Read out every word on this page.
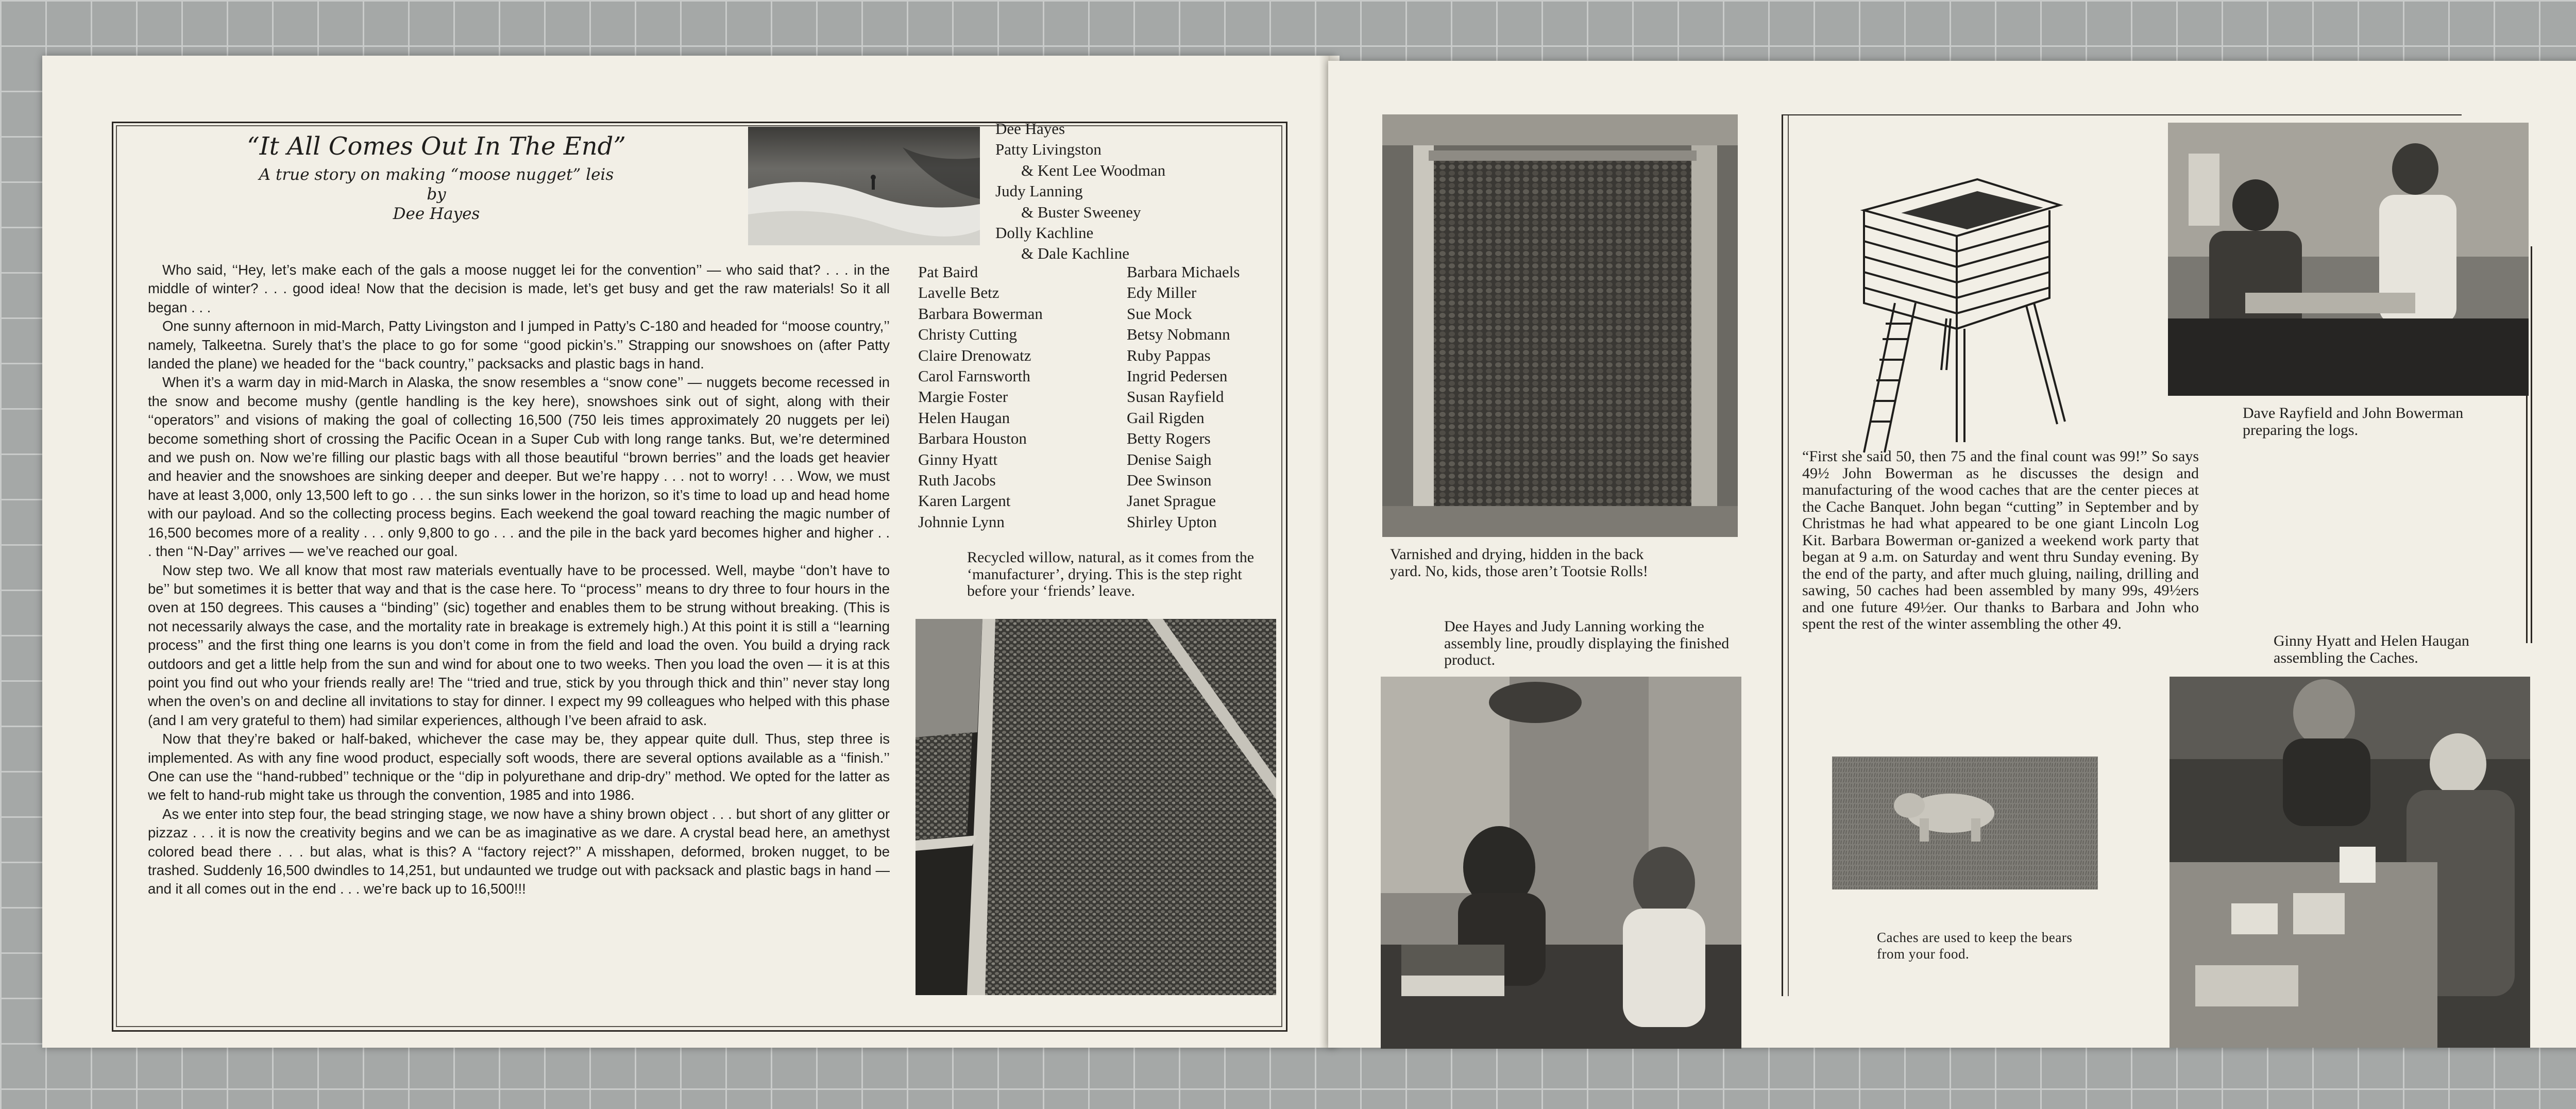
“It All Comes Out In The End”
A true story on making “moose nugget” leis
by
Dee Hayes
Dee Hayes
Patty Livingston
& Kent Lee Woodman
Judy Lanning
& Buster Sweeney
Dolly Kachline
& Dale Kachline
Pat Baird
Lavelle Betz
Barbara Bowerman
Christy Cutting
Claire Drenowatz
Carol Farnsworth
Margie Foster
Helen Haugan
Barbara Houston
Ginny Hyatt
Ruth Jacobs
Karen Largent
Johnnie Lynn
Barbara Michaels
Edy Miller
Sue Mock
Betsy Nobmann
Ruby Pappas
Ingrid Pedersen
Susan Rayfield
Gail Rigden
Betty Rogers
Denise Saigh
Dee Swinson
Janet Sprague
Shirley Upton
Recycled willow, natural, as it comes from the ‘manufacturer’, drying. This is the step right before your ‘friends’ leave.

Who said, ‘‘Hey, let’s make each of the gals a moose nugget lei for the convention’’ — who said that? . . . in the middle of winter? . . . good idea! Now that the decision is made, let’s get busy and get the raw materials! So it all began . . .

One sunny afternoon in mid-March, Patty Livingston and I jumped in Patty’s C-180 and headed for ‘‘moose country,’’ namely, Talkeetna. Surely that’s the place to go for some ‘‘good pickin’s.’’ Strapping our snowshoes on (after Patty landed the plane) we headed for the ‘‘back country,’’ packsacks and plastic bags in hand.

When it’s a warm day in mid-March in Alaska, the snow resembles a ‘‘snow cone’’ — nuggets become recessed in the snow and become mushy (gentle handling is the key here), snowshoes sink out of sight, along with their ‘‘operators’’ and visions of making the goal of collecting 16,500 (750 leis times approximately 20 nuggets per lei) become something short of crossing the Pacific Ocean in a Super Cub with long range tanks. But, we’re determined and we push on. Now we’re filling our plastic bags with all those beautiful ‘‘brown berries’’ and the loads get heavier and heavier and the snowshoes are sinking deeper and deeper. But we’re happy . . . not to worry! . . . Wow, we must have at least 3,000, only 13,500 left to go . . . the sun sinks lower in the horizon, so it’s time to load up and head home with our payload. And so the collecting process begins. Each weekend the goal toward reaching the magic number of 16,500 becomes more of a reality . . . only 9,800 to go . . . and the pile in the back yard becomes higher and higher . . . then ‘‘N-Day’’ arrives — we’ve reached our goal.

Now step two. We all know that most raw materials eventually have to be processed. Well, maybe ‘‘don’t have to be’’ but sometimes it is better that way and that is the case here. To ‘‘process’’ means to dry three to four hours in the oven at 150 degrees. This causes a ‘‘binding’’ (sic) together and enables them to be strung without breaking. (This is not necessarily always the case, and the mortality rate in breakage is extremely high.) At this point it is still a ‘‘learning process’’ and the first thing one learns is you don’t come in from the field and load the oven. You build a drying rack outdoors and get a little help from the sun and wind for about one to two weeks. Then you load the oven — it is at this point you find out who your friends really are! The ‘‘tried and true, stick by you through thick and thin’’ never stay long when the oven’s on and decline all invitations to stay for dinner. I expect my 99 colleagues who helped with this phase (and I am very grateful to them) had similar experiences, although I’ve been afraid to ask.

Now that they’re baked or half-baked, whichever the case may be, they appear quite dull. Thus, step three is implemented. As with any fine wood product, especially soft woods, there are several options available as a ‘‘finish.’’ One can use the ‘‘hand-rubbed’’ technique or the ‘‘dip in polyurethane and drip-dry’’ method. We opted for the latter as we felt to hand-rub might take us through the convention, 1985 and into 1986.

As we enter into step four, the bead stringing stage, we now have a shiny brown object . . . but short of any glitter or pizzaz . . . it is now the creativity begins and we can be as imaginative as we dare. A crystal bead here, an amethyst colored bead there . . . but alas, what is this? A ‘‘factory reject?’’ A misshapen, deformed, broken nugget, to be trashed. Suddenly 16,500 dwindles to 14,251, but undaunted we trudge out with packsack and plastic bags in hand — and it all comes out in the end . . . we’re back up to 16,500!!!

Varnished and drying, hidden in the back yard. No, kids, those aren’t Tootsie Rolls!
Dee Hayes and Judy Lanning working the assembly line, proudly displaying the finished product.
Dave Rayfield and John Bowerman preparing the logs.
“First she said 50, then 75 and the final count was 99!” So says 49½ John Bowerman as he discusses the design and manufacturing of the wood caches that are the center pieces at the Cache Banquet. John began “cutting” in September and by Christmas he had what appeared to be one giant Lincoln Log Kit. Barbara Bowerman or-ganized a weekend work party that began at 9 a.m. on Saturday and went thru Sunday evening. By the end of the party, and after much gluing, nailing, drilling and sawing, 50 caches had been assembled by many 99s, 49½ers and one future 49½er. Our thanks to Barbara and John who spent the rest of the winter assembling the other 49.
Ginny Hyatt and Helen Haugan assembling the Caches.
Caches are used to keep the bears from your food.
